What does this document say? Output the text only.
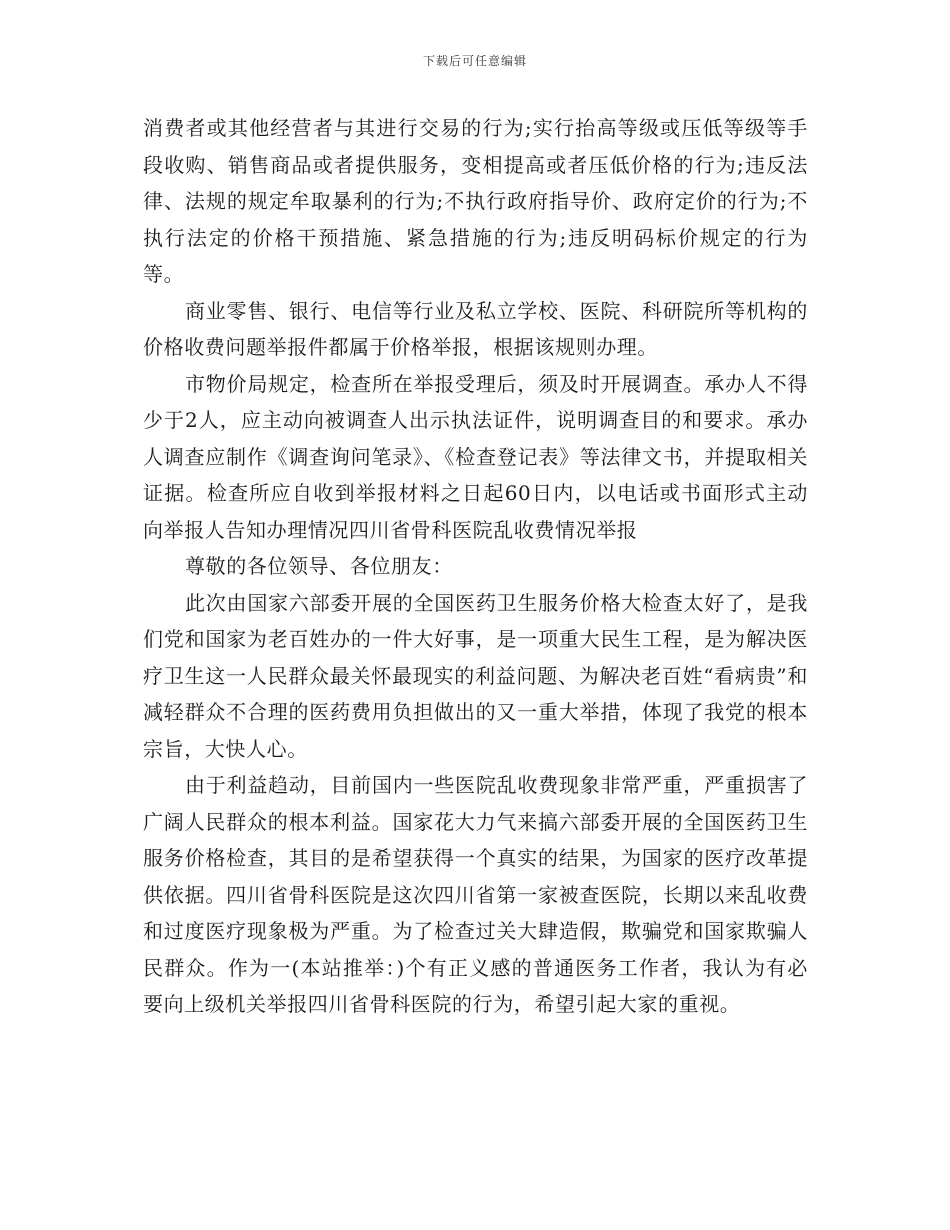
下载后可任意编辑

消费者或其他经营者与其进行交易的行为;实行抬高等级或压低等级等手段收购、销售商品或者提供服务，变相提高或者压低价格的行为;违反法律、法规的规定牟取暴利的行为;不执行政府指导价、政府定价的行为;不执行法定的价格干预措施、紧急措施的行为;违反明码标价规定的行为等。

商业零售、银行、电信等行业及私立学校、医院、科研院所等机构的价格收费问题举报件都属于价格举报，根据该规则办理。

市物价局规定，检查所在举报受理后，须及时开展调查。承办人不得少于2人，应主动向被调查人出示执法证件，说明调查目的和要求。承办人调查应制作《调查询问笔录》、《检查登记表》等法律文书，并提取相关证据。检查所应自收到举报材料之日起60日内，以电话或书面形式主动向举报人告知办理情况四川省骨科医院乱收费情况举报

尊敬的各位领导、各位朋友：

此次由国家六部委开展的全国医药卫生服务价格大检查太好了，是我们党和国家为老百姓办的一件大好事，是一项重大民生工程，是为解决医疗卫生这一人民群众最关怀最现实的利益问题、为解决老百姓“看病贵”和减轻群众不合理的医药费用负担做出的又一重大举措，体现了我党的根本宗旨，大快人心。

由于利益趋动，目前国内一些医院乱收费现象非常严重，严重损害了广阔人民群众的根本利益。国家花大力气来搞六部委开展的全国医药卫生服务价格检查，其目的是希望获得一个真实的结果，为国家的医疗改革提供依据。四川省骨科医院是这次四川省第一家被查医院，长期以来乱收费和过度医疗现象极为严重。为了检查过关大肆造假，欺骗党和国家欺骗人民群众。作为一(本站推举：)个有正义感的普通医务工作者，我认为有必要向上级机关举报四川省骨科医院的行为，希望引起大家的重视。
